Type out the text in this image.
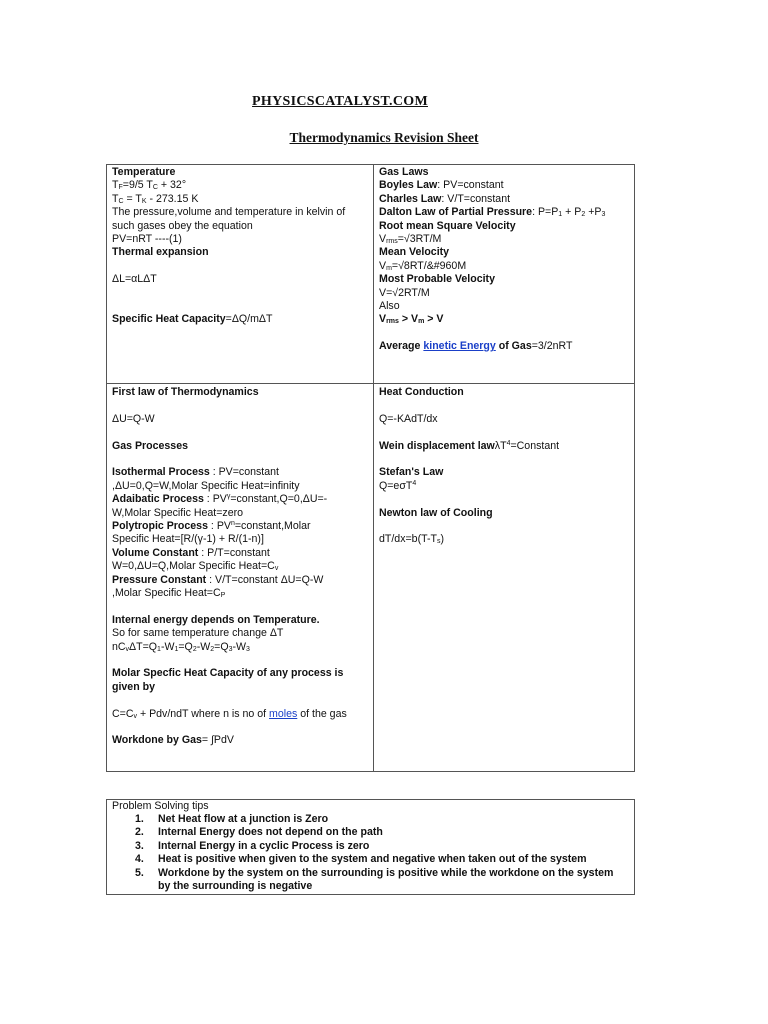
PHYSICSCATALYST.COM
Thermodynamics Revision Sheet
Temperature
TF=9/5 TC + 32°
TC = TK - 273.15 K
The pressure,volume and temperature in kelvin of such gases obey the equation
PV=nRT ----(1)
Thermal expansion
ΔL=αLΔT
Specific Heat Capacity=ΔQ/mΔT
Gas Laws
Boyles Law: PV=constant
Charles Law: V/T=constant
Dalton Law of Partial Pressure: P=P1 + P2 +P3
Root mean Square Velocity
Vrms=√3RT/M
Mean Velocity
Vm=√8RT/&#960M
Most Probable Velocity
V=√2RT/M
Also
Vrms > Vm > V
Average kinetic Energy of Gas=3/2nRT
First law of Thermodynamics
ΔU=Q-W
Gas Processes
Isothermal Process : PV=constant
,ΔU=0,Q=W,Molar Specific Heat=infinity
Adaibatic Process : $PV^\gamma=constant,Q=0,\Delta U=-$
W,Molar Specific Heat=zero
Polytropic Process : $PV^n=constant,Molar$
Specific Heat=[R/(γ-1) + R/(1-n)]
Volume Constant : P/T=constant
W=0,ΔU=Q,Molar Specific Heat=Cv
Pressure Constant : V/T=constant ΔU=Q-W
,Molar Specific Heat=CP
Internal energy depends on Temperature.
So for same temperature change ΔT
nCvΔT=Q1-W1=Q2-W2=Q3-W3
Molar Specfic Heat Capacity of any process is
given by
C=Cv + Pdv/ndT where n is no of moles of the gas
Workdone by Gas= ∫PdV
Heat Conduction
Q=-KAdT/dx
Wein displacement lawλT$^4$=Constant
Stefan's Law
Q=eσT$^4$
Newton law of Cooling
dT/dx=b(T-Ts)
Problem Solving tips
1. Net Heat flow at a junction is Zero
2. Internal Energy does not depend on the path
3. Internal Energy in a cyclic Process is zero
4. Heat is positive when given to the system and negative when taken out of the system
5. Workdone by the system on the surrounding is positive while the workdone on the system by the surrounding is negative
